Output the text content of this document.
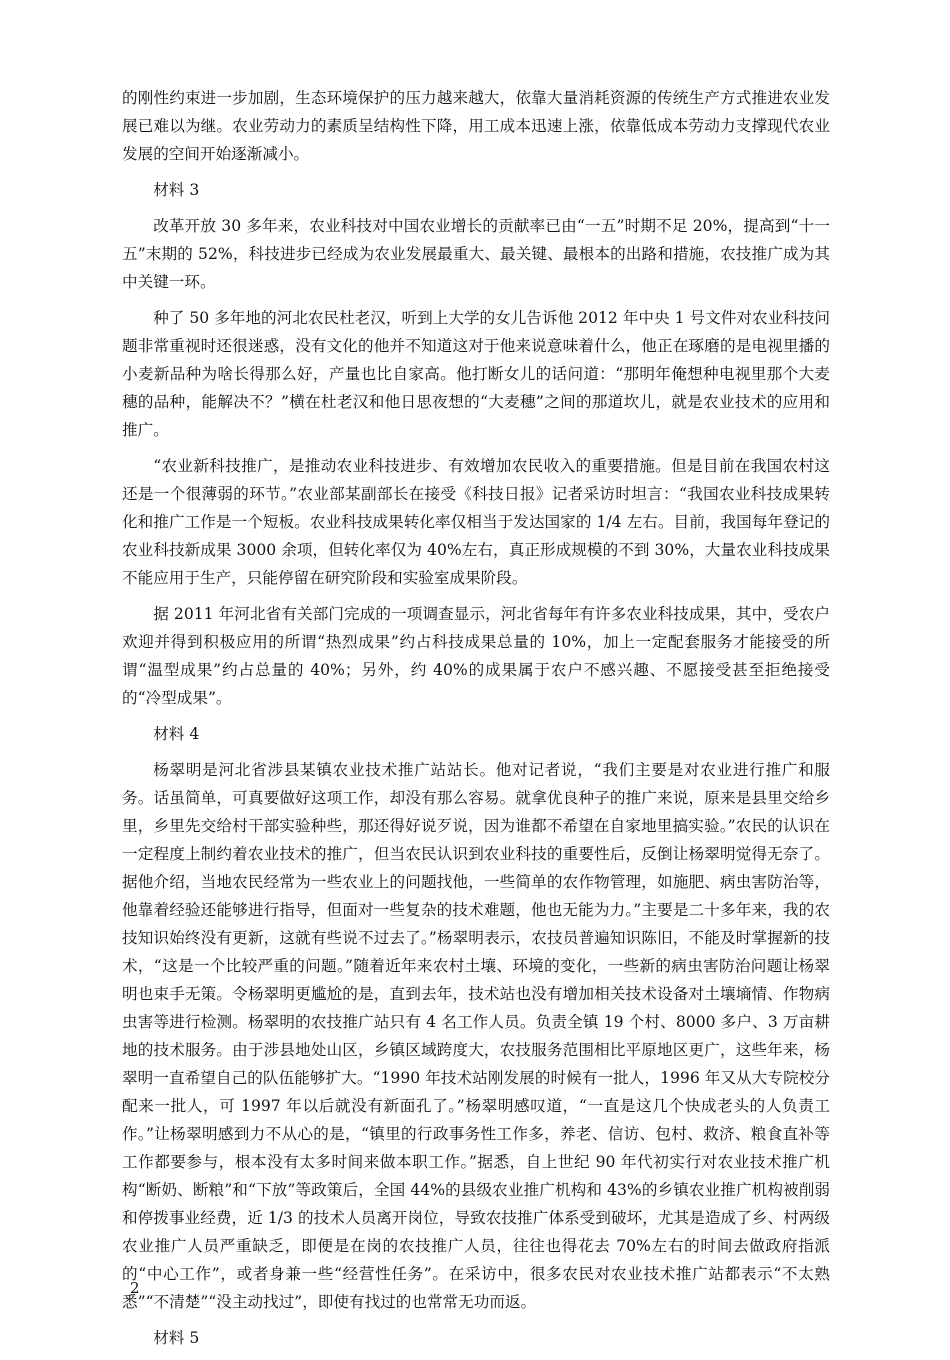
的刚性约束进一步加剧，生态环境保护的压力越来越大，依靠大量消耗资源的传统生产方式推进农业发展已难以为继。农业劳动力的素质呈结构性下降，用工成本迅速上涨，依靠低成本劳动力支撑现代农业发展的空间开始逐渐减小。

材料 3

改革开放 30 多年来，农业科技对中国农业增长的贡献率已由“一五”时期不足 20%，提高到“十一五”末期的 52%，科技进步已经成为农业发展最重大、最关键、最根本的出路和措施，农技推广成为其中关键一环。

种了 50 多年地的河北农民杜老汉，听到上大学的女儿告诉他 2012 年中央 1 号文件对农业科技问题非常重视时还很迷惑，没有文化的他并不知道这对于他来说意味着什么，他正在琢磨的是电视里播的小麦新品种为啥长得那么好，产量也比自家高。他打断女儿的话问道：“那明年俺想种电视里那个大麦穗的品种，能解决不？”横在杜老汉和他日思夜想的“大麦穗”之间的那道坎儿，就是农业技术的应用和推广。

“农业新科技推广，是推动农业科技进步、有效增加农民收入的重要措施。但是目前在我国农村这还是一个很薄弱的环节。”农业部某副部长在接受《科技日报》记者采访时坦言：“我国农业科技成果转化和推广工作是一个短板。农业科技成果转化率仅相当于发达国家的 1/4 左右。目前，我国每年登记的农业科技新成果 3000 余项，但转化率仅为 40%左右，真正形成规模的不到 30%，大量农业科技成果不能应用于生产，只能停留在研究阶段和实验室成果阶段。

据 2011 年河北省有关部门完成的一项调查显示，河北省每年有许多农业科技成果，其中，受农户欢迎并得到积极应用的所谓“热烈成果”约占科技成果总量的 10%，加上一定配套服务才能接受的所谓“温型成果”约占总量的 40%；另外，约 40%的成果属于农户不感兴趣、不愿接受甚至拒绝接受的“冷型成果”。

材料 4

杨翠明是河北省涉县某镇农业技术推广站站长。他对记者说，“我们主要是对农业进行推广和服务。话虽简单，可真要做好这项工作，却没有那么容易。就拿优良种子的推广来说，原来是县里交给乡里，乡里先交给村干部实验种些，那还得好说歹说，因为谁都不希望在自家地里搞实验。”农民的认识在一定程度上制约着农业技术的推广，但当农民认识到农业科技的重要性后，反倒让杨翠明觉得无奈了。据他介绍，当地农民经常为一些农业上的问题找他，一些简单的农作物管理，如施肥、病虫害防治等，他靠着经验还能够进行指导，但面对一些复杂的技术难题，他也无能为力。”主要是二十多年来，我的农技知识始终没有更新，这就有些说不过去了。”杨翠明表示，农技员普遍知识陈旧，不能及时掌握新的技术，“这是一个比较严重的问题。”随着近年来农村土壤、环境的变化，一些新的病虫害防治问题让杨翠明也束手无策。令杨翠明更尴尬的是，直到去年，技术站也没有增加相关技术设备对土壤墒情、作物病虫害等进行检测。杨翠明的农技推广站只有 4 名工作人员。负责全镇 19 个村、8000 多户、3 万亩耕地的技术服务。由于涉县地处山区，乡镇区域跨度大，农技服务范围相比平原地区更广，这些年来，杨翠明一直希望自己的队伍能够扩大。“1990 年技术站刚发展的时候有一批人，1996 年又从大专院校分配来一批人，可 1997 年以后就没有新面孔了。”杨翠明感叹道，“一直是这几个快成老头的人负责工作。”让杨翠明感到力不从心的是，“镇里的行政事务性工作多，养老、信访、包村、救济、粮食直补等工作都要参与，根本没有太多时间来做本职工作。”据悉，自上世纪 90 年代初实行对农业技术推广机构“断奶、断粮”和“下放”等政策后，全国 44%的县级农业推广机构和 43%的乡镇农业推广机构被削弱和停拨事业经费，近 1/3 的技术人员离开岗位，导致农技推广体系受到破坏，尤其是造成了乡、村两级农业推广人员严重缺乏，即便是在岗的农技推广人员，往往也得花去 70%左右的时间去做政府指派的“中心工作”，或者身兼一些“经营性任务”。在采访中，很多农民对农业技术推广站都表示“不太熟悉”“不清楚”“没主动找过”，即使有找过的也常常无功而返。

材料 5

2
